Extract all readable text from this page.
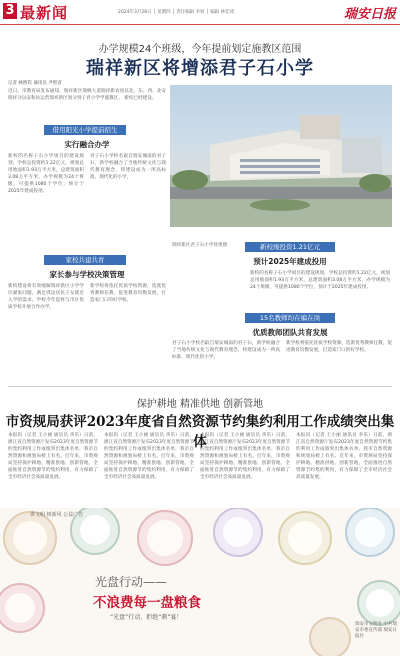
3 最新闻	2024年3月28日 │ 星期四 │ 责任编辑 李妍 │ 编辑 林佳琦	瑞安日报
办学规模24个班级，今年提前划定施教区范围
瑞祥新区将增添君子石小学
记者 林煦钦 通讯员 尹智省
近日，市教育局发布通知，瑞祥新区瑞枫大道瑞祥新农园以北，东、西、北安瑞祥分以安和坊运营瑞祥新区划分到子君小学学施教区。 新校已经建设。
借用阳光小学提前招生
实行融合办学
新校的名称子石小学项目的建设规划，学校总投资约1.22亿元，规划总用地面积1.93万平方米，总建筑面积3.08万平方米，办学规模为24个班级，可提供1080个学位，预计于2025年建成投用。
君子石小学校名取自瑞安城南的君子石，新学校融合了当地传统文化与现代教育理念，将建设成为一所高标准、现代化的小学。
家校共建共育
家长参与学校决策管理
新校建设将有效缓解瑞祥新区小学学位紧张问题，满足周边居民子女就近入学的需求。学校今年起将与市区优质学校开展合作办学。
新学校将依托优质学校资源，选派优秀教师任教，促进教育均衡发展，打造家门口的好学校。
新校竣投资1.21亿元
预计2025年建成投用
瑞祥新区君子石小学效果图
新校的名称子石小学项目的建设规划，学校总投资约1.22亿元，规划总用地面积1.93万平方米，总建筑面积3.08万平方米，办学规模为24个班级，可提供1080个学位，预计于2025年建成投用。
15名教师均在编在岗
优质教师团队共育发展
君子石小学校名取自瑞安城南的君子石，新学校融合了当地传统文化与现代教育理念，将建设成为一所高标准、现代化的小学。
新学校将依托优质学校资源，选派优秀教师任教，促进教育均衡发展，打造家门口的好学校。
保护耕地 精准供地 创新管地
市资规局获评2023年度省自然资源节约集约利用工作成绩突出集体
本报讯（记者 王小丽 通讯员 李乐）日前，浙江省自然资源厅发布2023年度自然资源节约集约利用工作成绩突出集体名单，我市自然资源和规划局榜上有名。近年来，市资规局坚持保护耕地、精准供地、创新管地，全面推进自然资源节约集约利用，有力保障了全市经济社会高质量发展。
本报讯（记者 王小丽 通讯员 李乐）日前，浙江省自然资源厅发布2023年度自然资源节约集约利用工作成绩突出集体名单，我市自然资源和规划局榜上有名。近年来，市资规局坚持保护耕地、精准供地、创新管地，全面推进自然资源节约集约利用，有力保障了全市经济社会高质量发展。
本报讯（记者 王小丽 通讯员 李乐）日前，浙江省自然资源厅发布2023年度自然资源节约集约利用工作成绩突出集体名单，我市自然资源和规划局榜上有名。近年来，市资规局坚持保护耕地、精准供地、创新管地，全面推进自然资源节约集约利用，有力保障了全市经济社会高质量发展。
本报讯（记者 王小丽 通讯员 李乐）日前，浙江省自然资源厅发布2023年度自然资源节约集约利用工作成绩突出集体名单，我市自然资源和规划局榜上有名。近年来，市资规局坚持保护耕地、精准供地、创新管地，全面推进自然资源节约集约利用，有力保障了全市经济社会高质量发展。
讲文明 树新风 公益广告
光盘行动——
不浪费每一盘粮食
“光盘”行动，拒绝“剩”宴！
瑞安市文明办 中共瑞安市委宣传部 瑞安日报社
